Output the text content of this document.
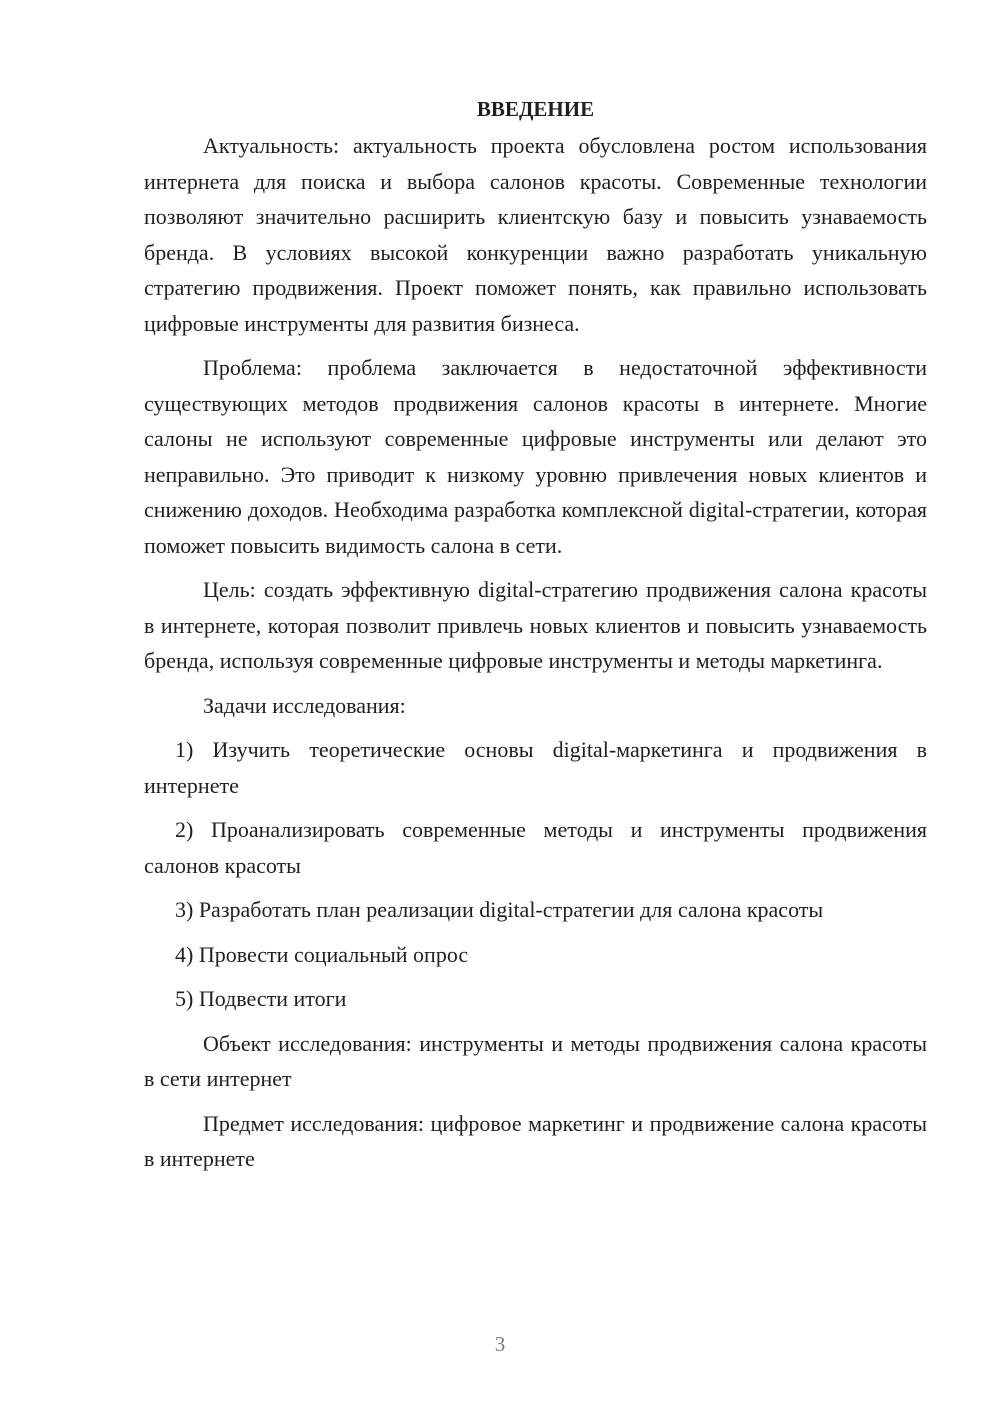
ВВЕДЕНИЕ

Актуальность: актуальность проекта обусловлена ростом использования интернета для поиска и выбора салонов красоты. Современные технологии позволяют значительно расширить клиентскую базу и повысить узнаваемость бренда. В условиях высокой конкуренции важно разработать уникальную стратегию продвижения. Проект поможет понять, как правильно использовать цифровые инструменты для развития бизнеса.

Проблема: проблема заключается в недостаточной эффективности существующих методов продвижения салонов красоты в интернете. Многие салоны не используют современные цифровые инструменты или делают это неправильно. Это приводит к низкому уровню привлечения новых клиентов и снижению доходов. Необходима разработка комплексной digital-стратегии, которая поможет повысить видимость салона в сети.

Цель: создать эффективную digital-стратегию продвижения салона красоты в интернете, которая позволит привлечь новых клиентов и повысить узнаваемость бренда, используя современные цифровые инструменты и методы маркетинга.

Задачи исследования:

1) Изучить теоретические основы digital-маркетинга и продвижения в интернете

2) Проанализировать современные методы и инструменты продвижения салонов красоты

3) Разработать план реализации digital-стратегии для салона красоты

4) Провести социальный опрос

5) Подвести итоги

Объект исследования: инструменты и методы продвижения салона красоты в сети интернет

Предмет исследования: цифровое маркетинг и продвижение салона красоты в интернете

3
